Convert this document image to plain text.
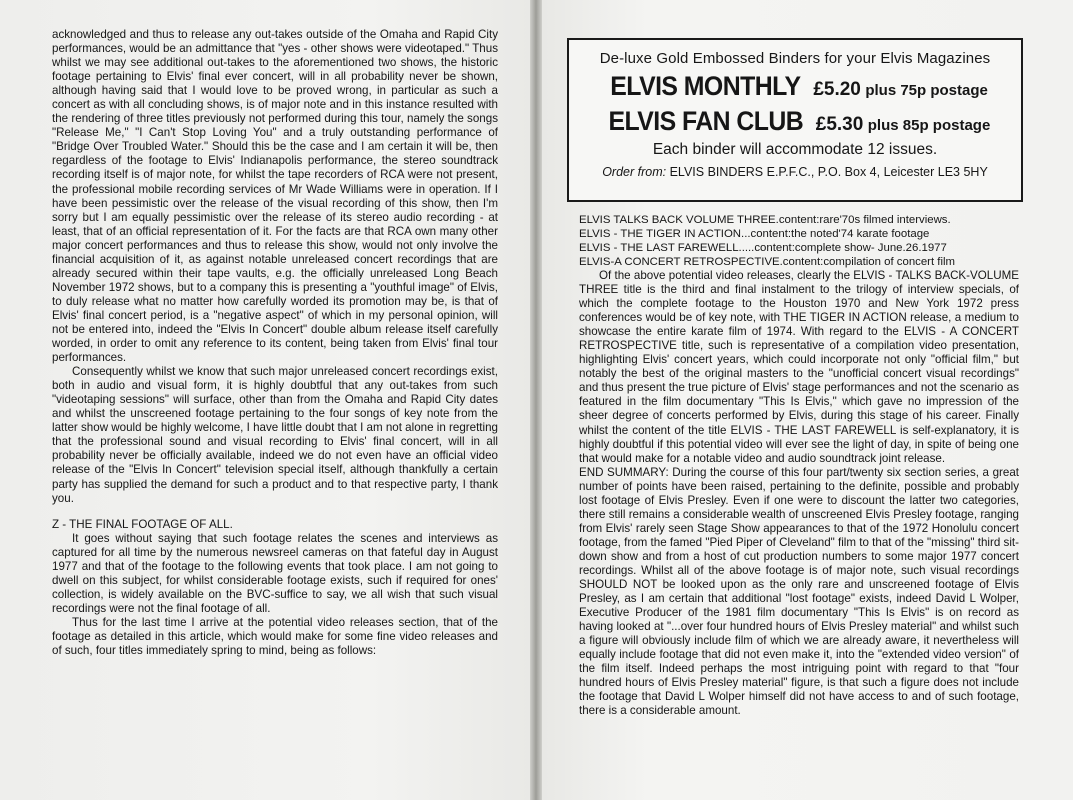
acknowledged and thus to release any out-takes outside of the Omaha and Rapid City performances, would be an admittance that "yes - other shows were videotaped." Thus whilst we may see additional out-takes to the aforementioned two shows, the historic footage pertaining to Elvis' final ever concert, will in all probability never be shown, although having said that I would love to be proved wrong, in particular as such a concert as with all concluding shows, is of major note and in this instance resulted with the rendering of three titles previously not performed during this tour, namely the songs "Release Me," "I Can't Stop Loving You" and a truly outstanding performance of "Bridge Over Troubled Water." Should this be the case and I am certain it will be, then regardless of the footage to Elvis' Indianapolis performance, the stereo soundtrack recording itself is of major note, for whilst the tape recorders of RCA were not present, the professional mobile recording services of Mr Wade Williams were in operation. If I have been pessimistic over the release of the visual recording of this show, then I'm sorry but I am equally pessimistic over the release of its stereo audio recording - at least, that of an official representation of it. For the facts are that RCA own many other major concert performances and thus to release this show, would not only involve the financial acquisition of it, as against notable unreleased concert recordings that are already secured within their tape vaults, e.g. the officially unreleased Long Beach November 1972 shows, but to a company this is presenting a "youthful image" of Elvis, to duly release what no matter how carefully worded its promotion may be, is that of Elvis' final concert period, is a "negative aspect" of which in my personal opinion, will not be entered into, indeed the "Elvis In Concert" double album release itself carefully worded, in order to omit any reference to its content, being taken from Elvis' final tour performances.

Consequently whilst we know that such major unreleased concert recordings exist, both in audio and visual form, it is highly doubtful that any out-takes from such "videotaping sessions" will surface, other than from the Omaha and Rapid City dates and whilst the unscreened footage pertaining to the four songs of key note from the latter show would be highly welcome, I have little doubt that I am not alone in regretting that the professional sound and visual recording to Elvis' final concert, will in all probability never be officially available, indeed we do not even have an official video release of the "Elvis In Concert" television special itself, although thankfully a certain party has supplied the demand for such a product and to that respective party, I thank you.

Z - THE FINAL FOOTAGE OF ALL.

It goes without saying that such footage relates the scenes and interviews as captured for all time by the numerous newsreel cameras on that fateful day in August 1977 and that of the footage to the following events that took place. I am not going to dwell on this subject, for whilst considerable footage exists, such if required for ones' collection, is widely available on the BVC-suffice to say, we all wish that such visual recordings were not the final footage of all.

Thus for the last time I arrive at the potential video releases section, that of the footage as detailed in this article, which would make for some fine video releases and of such, four titles immediately spring to mind, being as follows:

De-luxe Gold Embossed Binders for your Elvis Magazines
ELVIS MONTHLY £5.20 plus 75p postage
ELVIS FAN CLUB £5.30 plus 85p postage
Each binder will accommodate 12 issues.
Order from: ELVIS BINDERS E.P.F.C., P.O. Box 4, Leicester LE3 5HY
ELVIS TALKS BACK VOLUME THREE.content:rare'70s filmed interviews.
ELVIS - THE TIGER IN ACTION...content:the noted'74 karate footage
ELVIS - THE LAST FAREWELL.....content:complete show- June.26.1977
ELVIS-A CONCERT RETROSPECTIVE.content:compilation of concert film

Of the above potential video releases, clearly the ELVIS - TALKS BACK-VOLUME THREE title is the third and final instalment to the trilogy of interview specials, of which the complete footage to the Houston 1970 and New York 1972 press conferences would be of key note, with THE TIGER IN ACTION release, a medium to showcase the entire karate film of 1974. With regard to the ELVIS - A CONCERT RETROSPECTIVE title, such is representative of a compilation video presentation, highlighting Elvis' concert years, which could incorporate not only "official film," but notably the best of the original masters to the "unofficial concert visual recordings" and thus present the true picture of Elvis' stage performances and not the scenario as featured in the film documentary "This Is Elvis," which gave no impression of the sheer degree of concerts performed by Elvis, during this stage of his career. Finally whilst the content of the title ELVIS - THE LAST FAREWELL is self-explanatory, it is highly doubtful if this potential video will ever see the light of day, in spite of being one that would make for a notable video and audio soundtrack joint release.

END SUMMARY: During the course of this four part/twenty six section series, a great number of points have been raised, pertaining to the definite, possible and probably lost footage of Elvis Presley. Even if one were to discount the latter two categories, there still remains a considerable wealth of unscreened Elvis Presley footage, ranging from Elvis' rarely seen Stage Show appearances to that of the 1972 Honolulu concert footage, from the famed "Pied Piper of Cleveland" film to that of the "missing" third sit-down show and from a host of cut production numbers to some major 1977 concert recordings. Whilst all of the above footage is of major note, such visual recordings SHOULD NOT be looked upon as the only rare and unscreened footage of Elvis Presley, as I am certain that additional "lost footage" exists, indeed David L Wolper, Executive Producer of the 1981 film documentary "This Is Elvis" is on record as having looked at "...over four hundred hours of Elvis Presley material" and whilst such a figure will obviously include film of which we are already aware, it nevertheless will equally include footage that did not even make it, into the "extended video version" of the film itself. Indeed perhaps the most intriguing point with regard to that "four hundred hours of Elvis Presley material" figure, is that such a figure does not include the footage that David L Wolper himself did not have access to and of such footage, there is a considerable amount.
